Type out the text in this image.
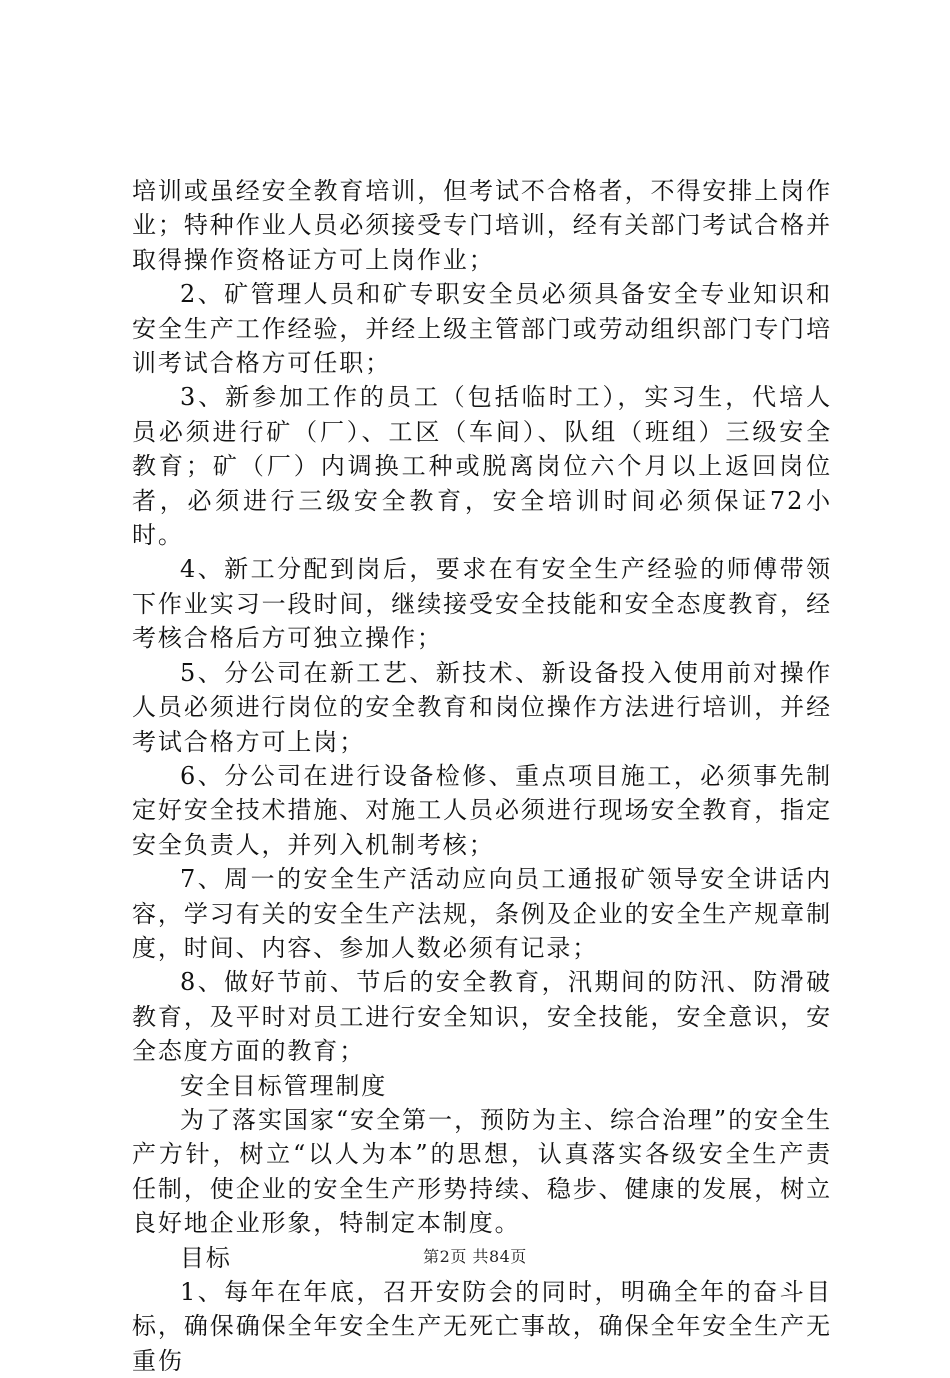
培训或虽经安全教育培训，但考试不合格者，不得安排上岗作业；特种作业人员必须接受专门培训，经有关部门考试合格并取得操作资格证方可上岗作业；

2、矿管理人员和矿专职安全员必须具备安全专业知识和安全生产工作经验，并经上级主管部门或劳动组织部门专门培训考试合格方可任职；

3、新参加工作的员工（包括临时工），实习生，代培人员必须进行矿（厂）、工区（车间）、队组（班组）三级安全教育；矿（厂）内调换工种或脱离岗位六个月以上返回岗位者，必须进行三级安全教育，安全培训时间必须保证72小时。

4、新工分配到岗后，要求在有安全生产经验的师傅带领下作业实习一段时间，继续接受安全技能和安全态度教育，经考核合格后方可独立操作；

5、分公司在新工艺、新技术、新设备投入使用前对操作人员必须进行岗位的安全教育和岗位操作方法进行培训，并经考试合格方可上岗；

6、分公司在进行设备检修、重点项目施工，必须事先制定好安全技术措施、对施工人员必须进行现场安全教育，指定安全负责人，并列入机制考核；

7、周一的安全生产活动应向员工通报矿领导安全讲话内容，学习有关的安全生产法规，条例及企业的安全生产规章制度，时间、内容、参加人数必须有记录；

8、做好节前、节后的安全教育，汛期间的防汛、防滑破教育，及平时对员工进行安全知识，安全技能，安全意识，安全态度方面的教育；

安全目标管理制度

为了落实国家“安全第一，预防为主、综合治理”的安全生产方针，树立“以人为本”的思想，认真落实各级安全生产责任制，使企业的安全生产形势持续、稳步、健康的发展，树立良好地企业形象，特制定本制度。

目标

1、每年在年底，召开安防会的同时，明确全年的奋斗目标，确保确保全年安全生产无死亡事故，确保全年安全生产无重伤

第2页 共84页
